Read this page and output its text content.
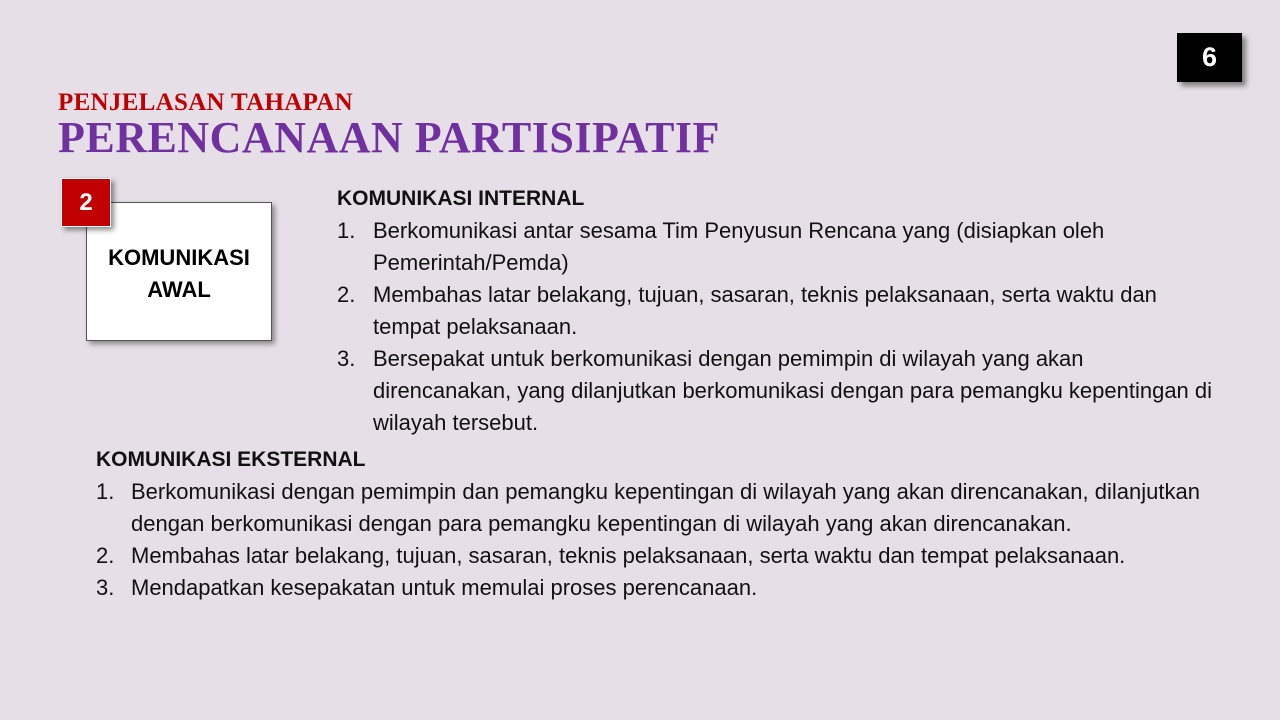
6
PENJELASAN TAHAPAN
PERENCANAAN PARTISIPATIF
KOMUNIKASI
AWAL
2	KOMUNIKASI INTERNAL
1. Berkomunikasi antar sesama Tim Penyusun Rencana yang (disiapkan oleh Pemerintah/Pemda)
2. Membahas latar belakang, tujuan, sasaran, teknis pelaksanaan, serta waktu dan tempat pelaksanaan.
3. Bersepakat untuk berkomunikasi dengan pemimpin di wilayah yang akan direncanakan, yang dilanjutkan berkomunikasi dengan para pemangku kepentingan di wilayah tersebut.
KOMUNIKASI EKSTERNAL
1. Berkomunikasi dengan pemimpin dan pemangku kepentingan di wilayah yang akan direncanakan, dilanjutkan dengan berkomunikasi dengan para pemangku kepentingan di wilayah yang akan direncanakan.
2. Membahas latar belakang, tujuan, sasaran, teknis pelaksanaan, serta waktu dan tempat pelaksanaan.
3. Mendapatkan kesepakatan untuk memulai proses perencanaan.
